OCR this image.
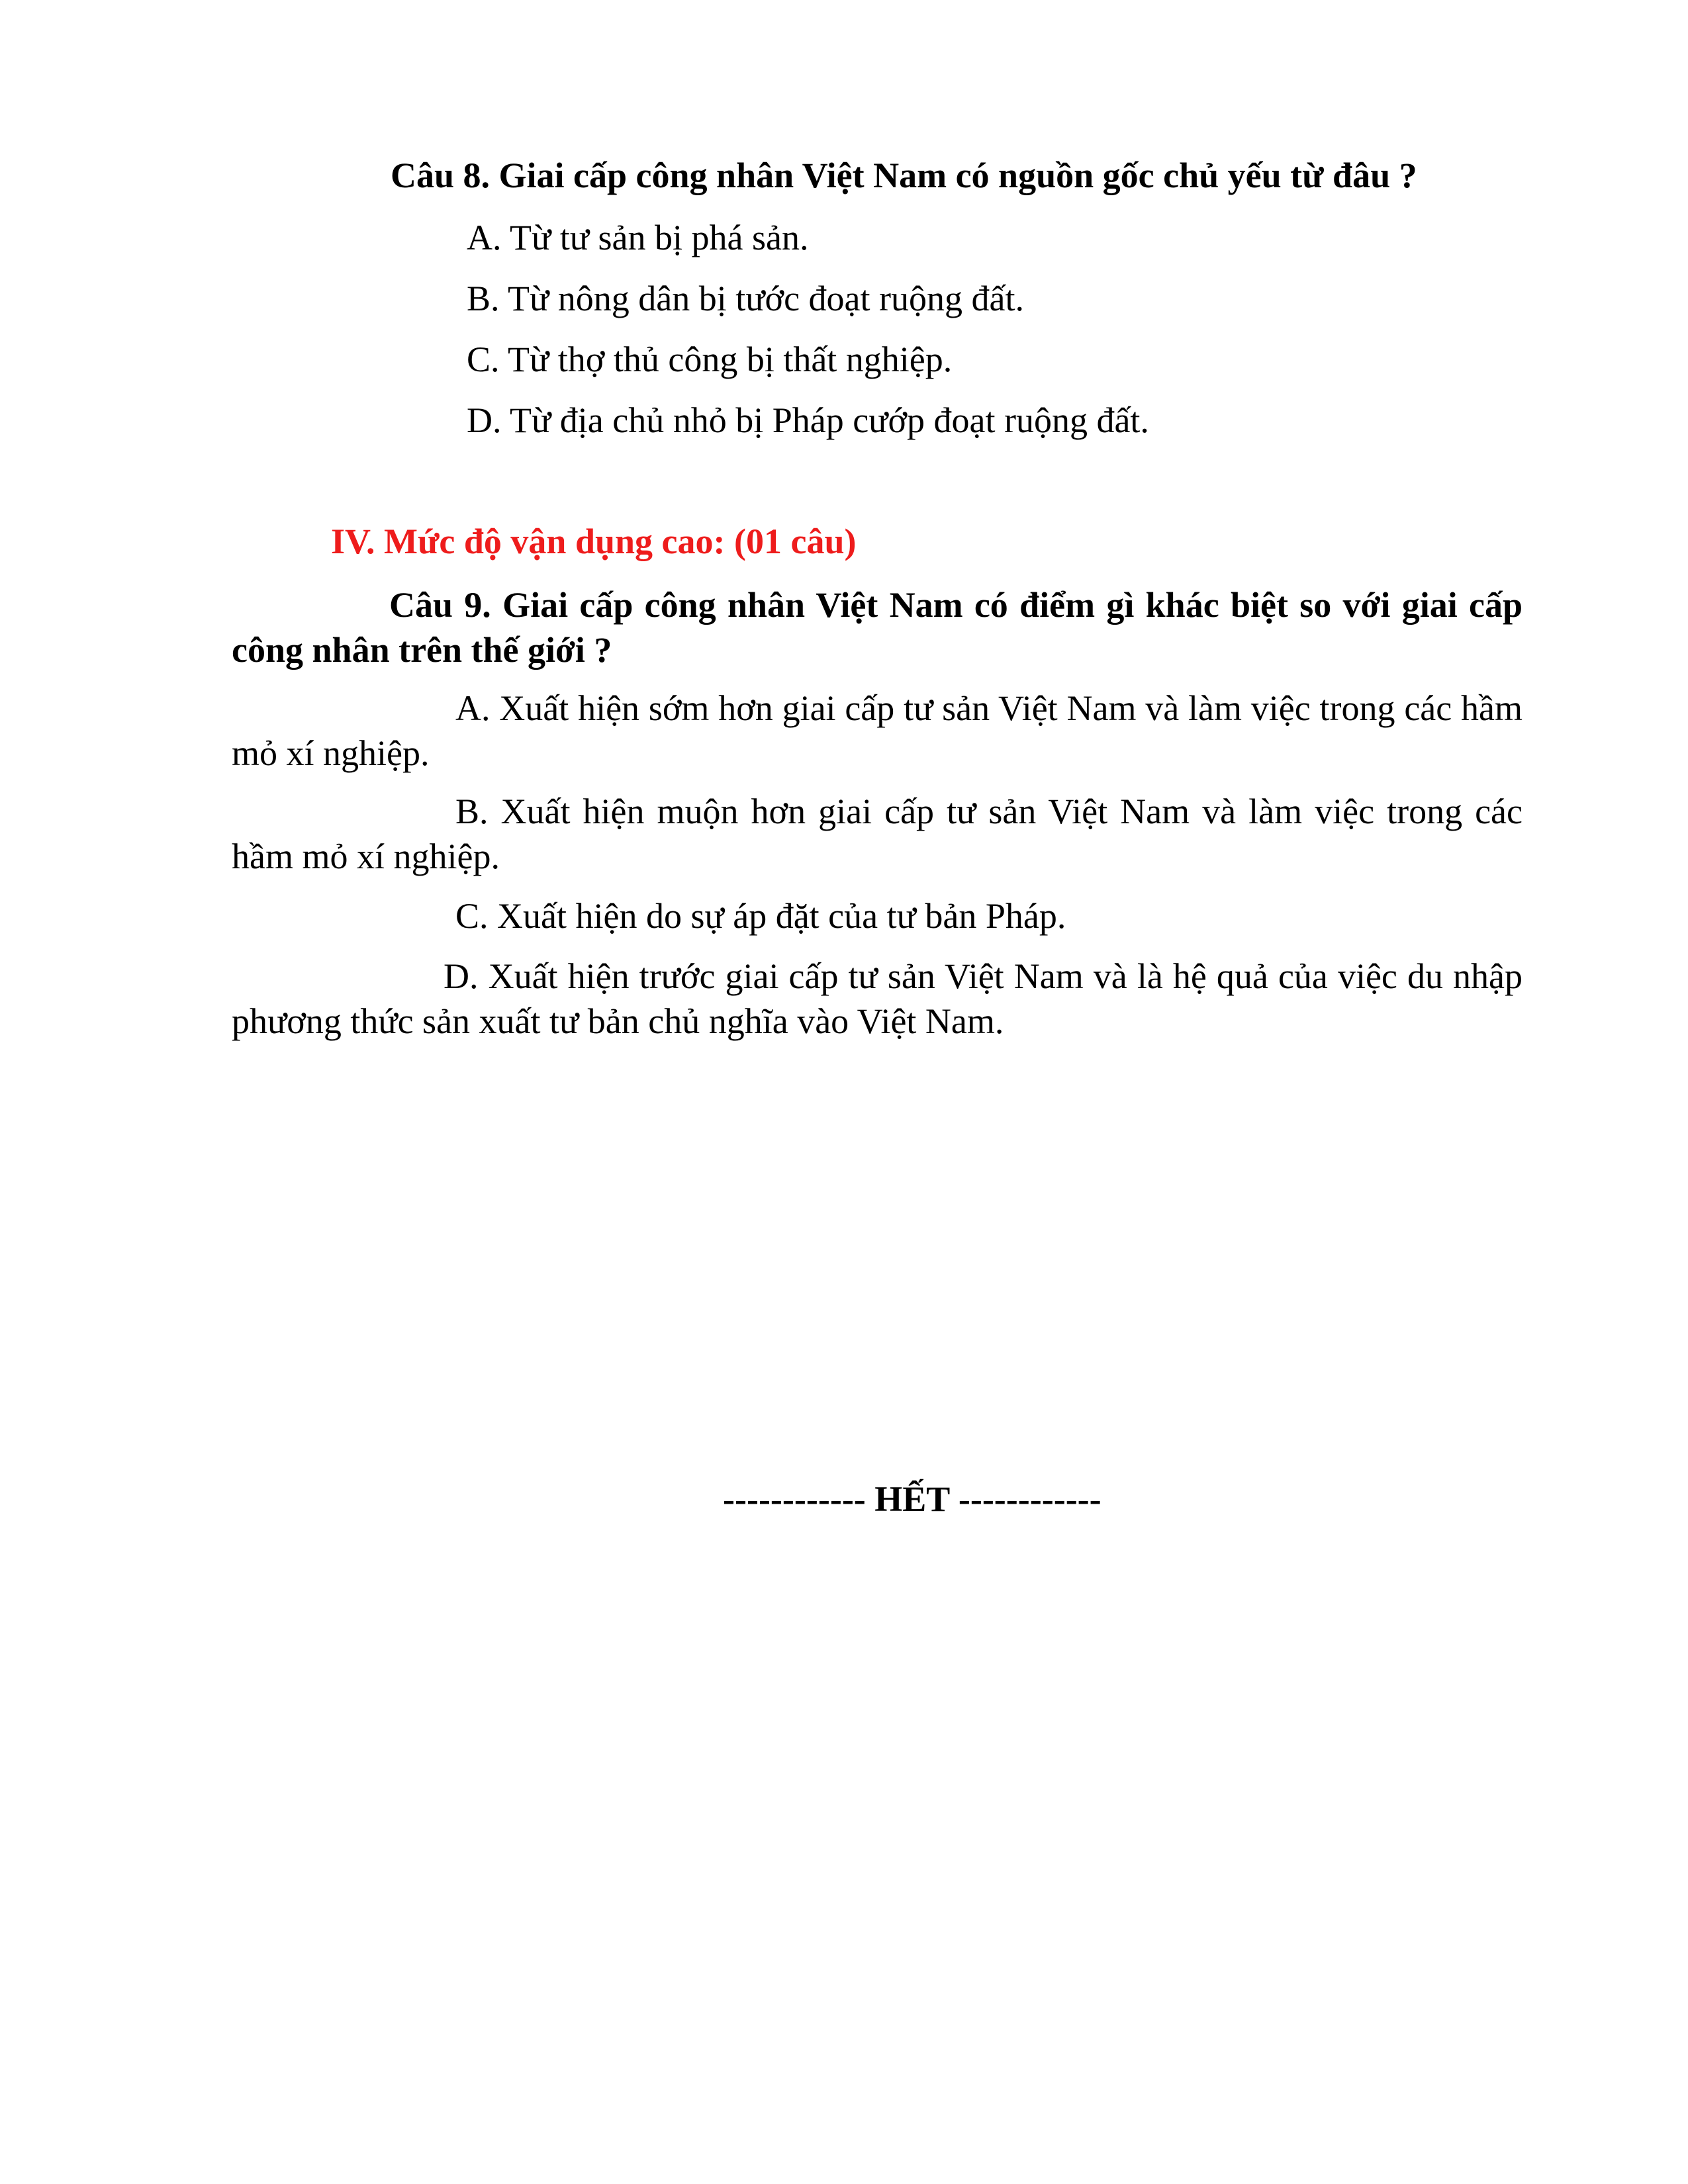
Câu 8. Giai cấp công nhân Việt Nam có nguồn gốc chủ yếu từ đâu ?
A. Từ tư sản bị phá sản.
B. Từ nông dân bị tước đoạt ruộng đất.
C. Từ thợ thủ công bị thất nghiệp.
D. Từ địa chủ nhỏ bị Pháp cướp đoạt ruộng đất.
IV. Mức độ vận dụng cao: (01 câu)
Câu 9. Giai cấp công nhân Việt Nam có điểm gì khác biệt so với giai cấp công nhân trên thế giới ?
A. Xuất hiện sớm hơn giai cấp tư sản Việt Nam và làm việc trong các hầm mỏ xí nghiệp.
B. Xuất hiện muộn hơn giai cấp tư sản Việt Nam và làm việc trong các hầm mỏ xí nghiệp.
C. Xuất hiện do sự áp đặt của tư bản Pháp.
D. Xuất hiện trước giai cấp tư sản Việt Nam và là hệ quả của việc du nhập phương thức sản xuất tư bản chủ nghĩa vào Việt Nam.
------------ HẾT ------------
